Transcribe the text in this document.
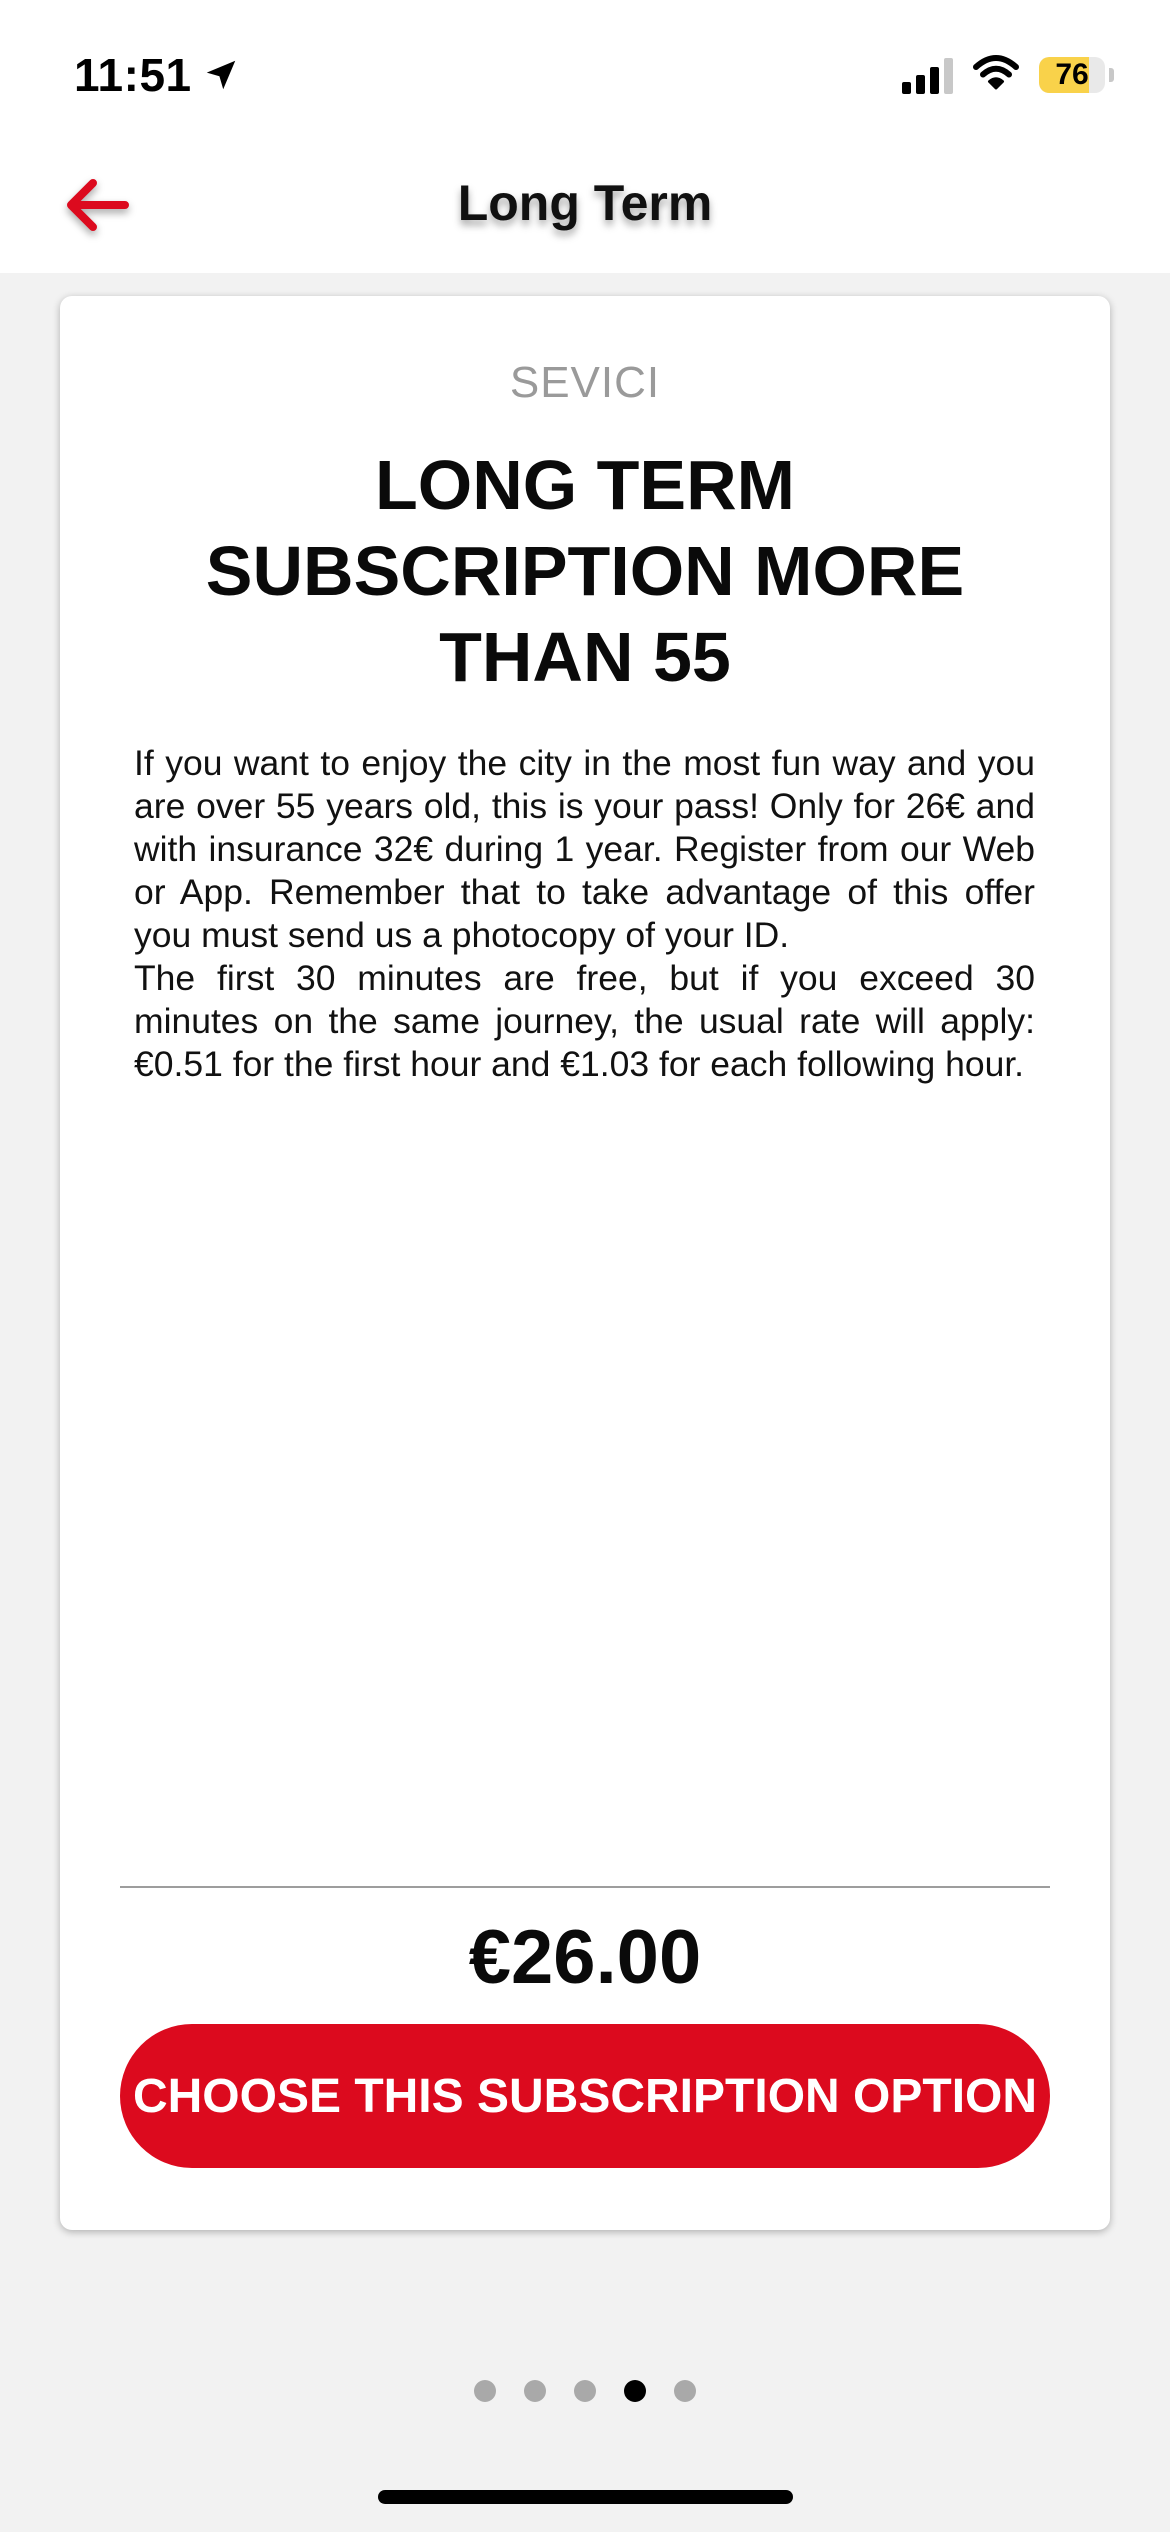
11:51	76
Long Term
SEVICI
LONG TERM SUBSCRIPTION MORE THAN 55

If you want to enjoy the city in the most fun way and you are over 55 years old, this is your pass! Only for 26€ and with insurance 32€ during 1 year. Register from our Web or App. Remember that to take advantage of this offer you must send us a photocopy of your ID.

The first 30 minutes are free, but if you exceed 30 minutes on the same journey, the usual rate will apply: €0.51 for the first hour and €1.03 for each following hour.

€26.00
CHOOSE THIS SUBSCRIPTION OPTION
